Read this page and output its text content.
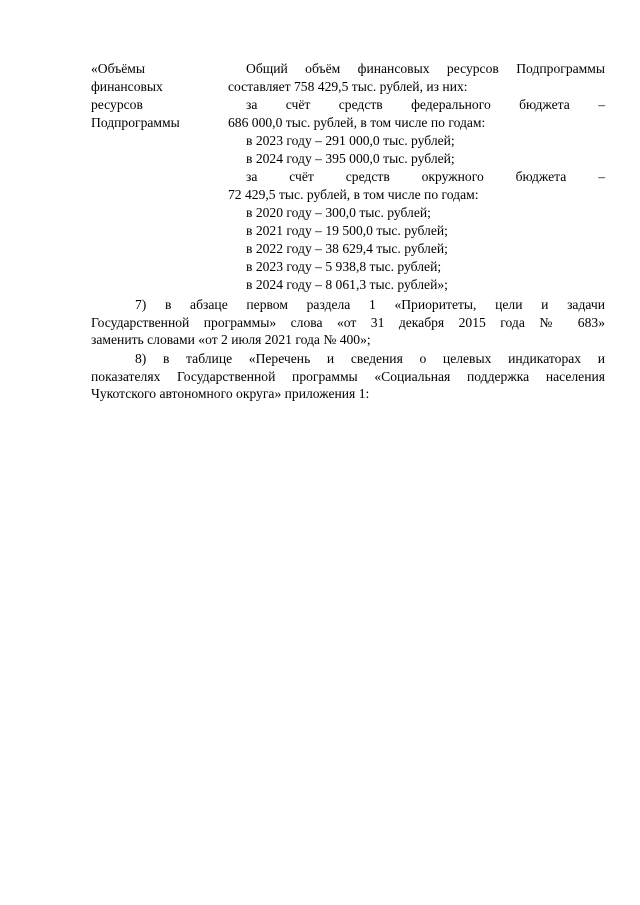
«Объёмы
финансовых
ресурсов
Подпрограммы
Общий объём финансовых ресурсов Подпрограммы
составляет 758 429,5 тыс. рублей, из них:
за счёт средств федерального бюджета –
686 000,0 тыс. рублей, в том числе по годам:
в 2023 году – 291 000,0 тыс. рублей;
в 2024 году – 395 000,0 тыс. рублей;
за счёт средств окружного бюджета –
72 429,5 тыс. рублей, в том числе по годам:
в 2020 году – 300,0 тыс. рублей;
в 2021 году – 19 500,0 тыс. рублей;
в 2022 году – 38 629,4 тыс. рублей;
в 2023 году – 5 938,8 тыс. рублей;
в 2024 году – 8 061,3 тыс. рублей»;
7) в абзаце первом раздела 1 «Приоритеты, цели и задачи
Государственной программы» слова «от 31 декабря 2015 года № 683»
заменить словами «от 2 июля 2021 года № 400»;
8) в таблице «Перечень и сведения о целевых индикаторах и
показателях Государственной программы «Социальная поддержка населения
Чукотского автономного округа» приложения 1:
